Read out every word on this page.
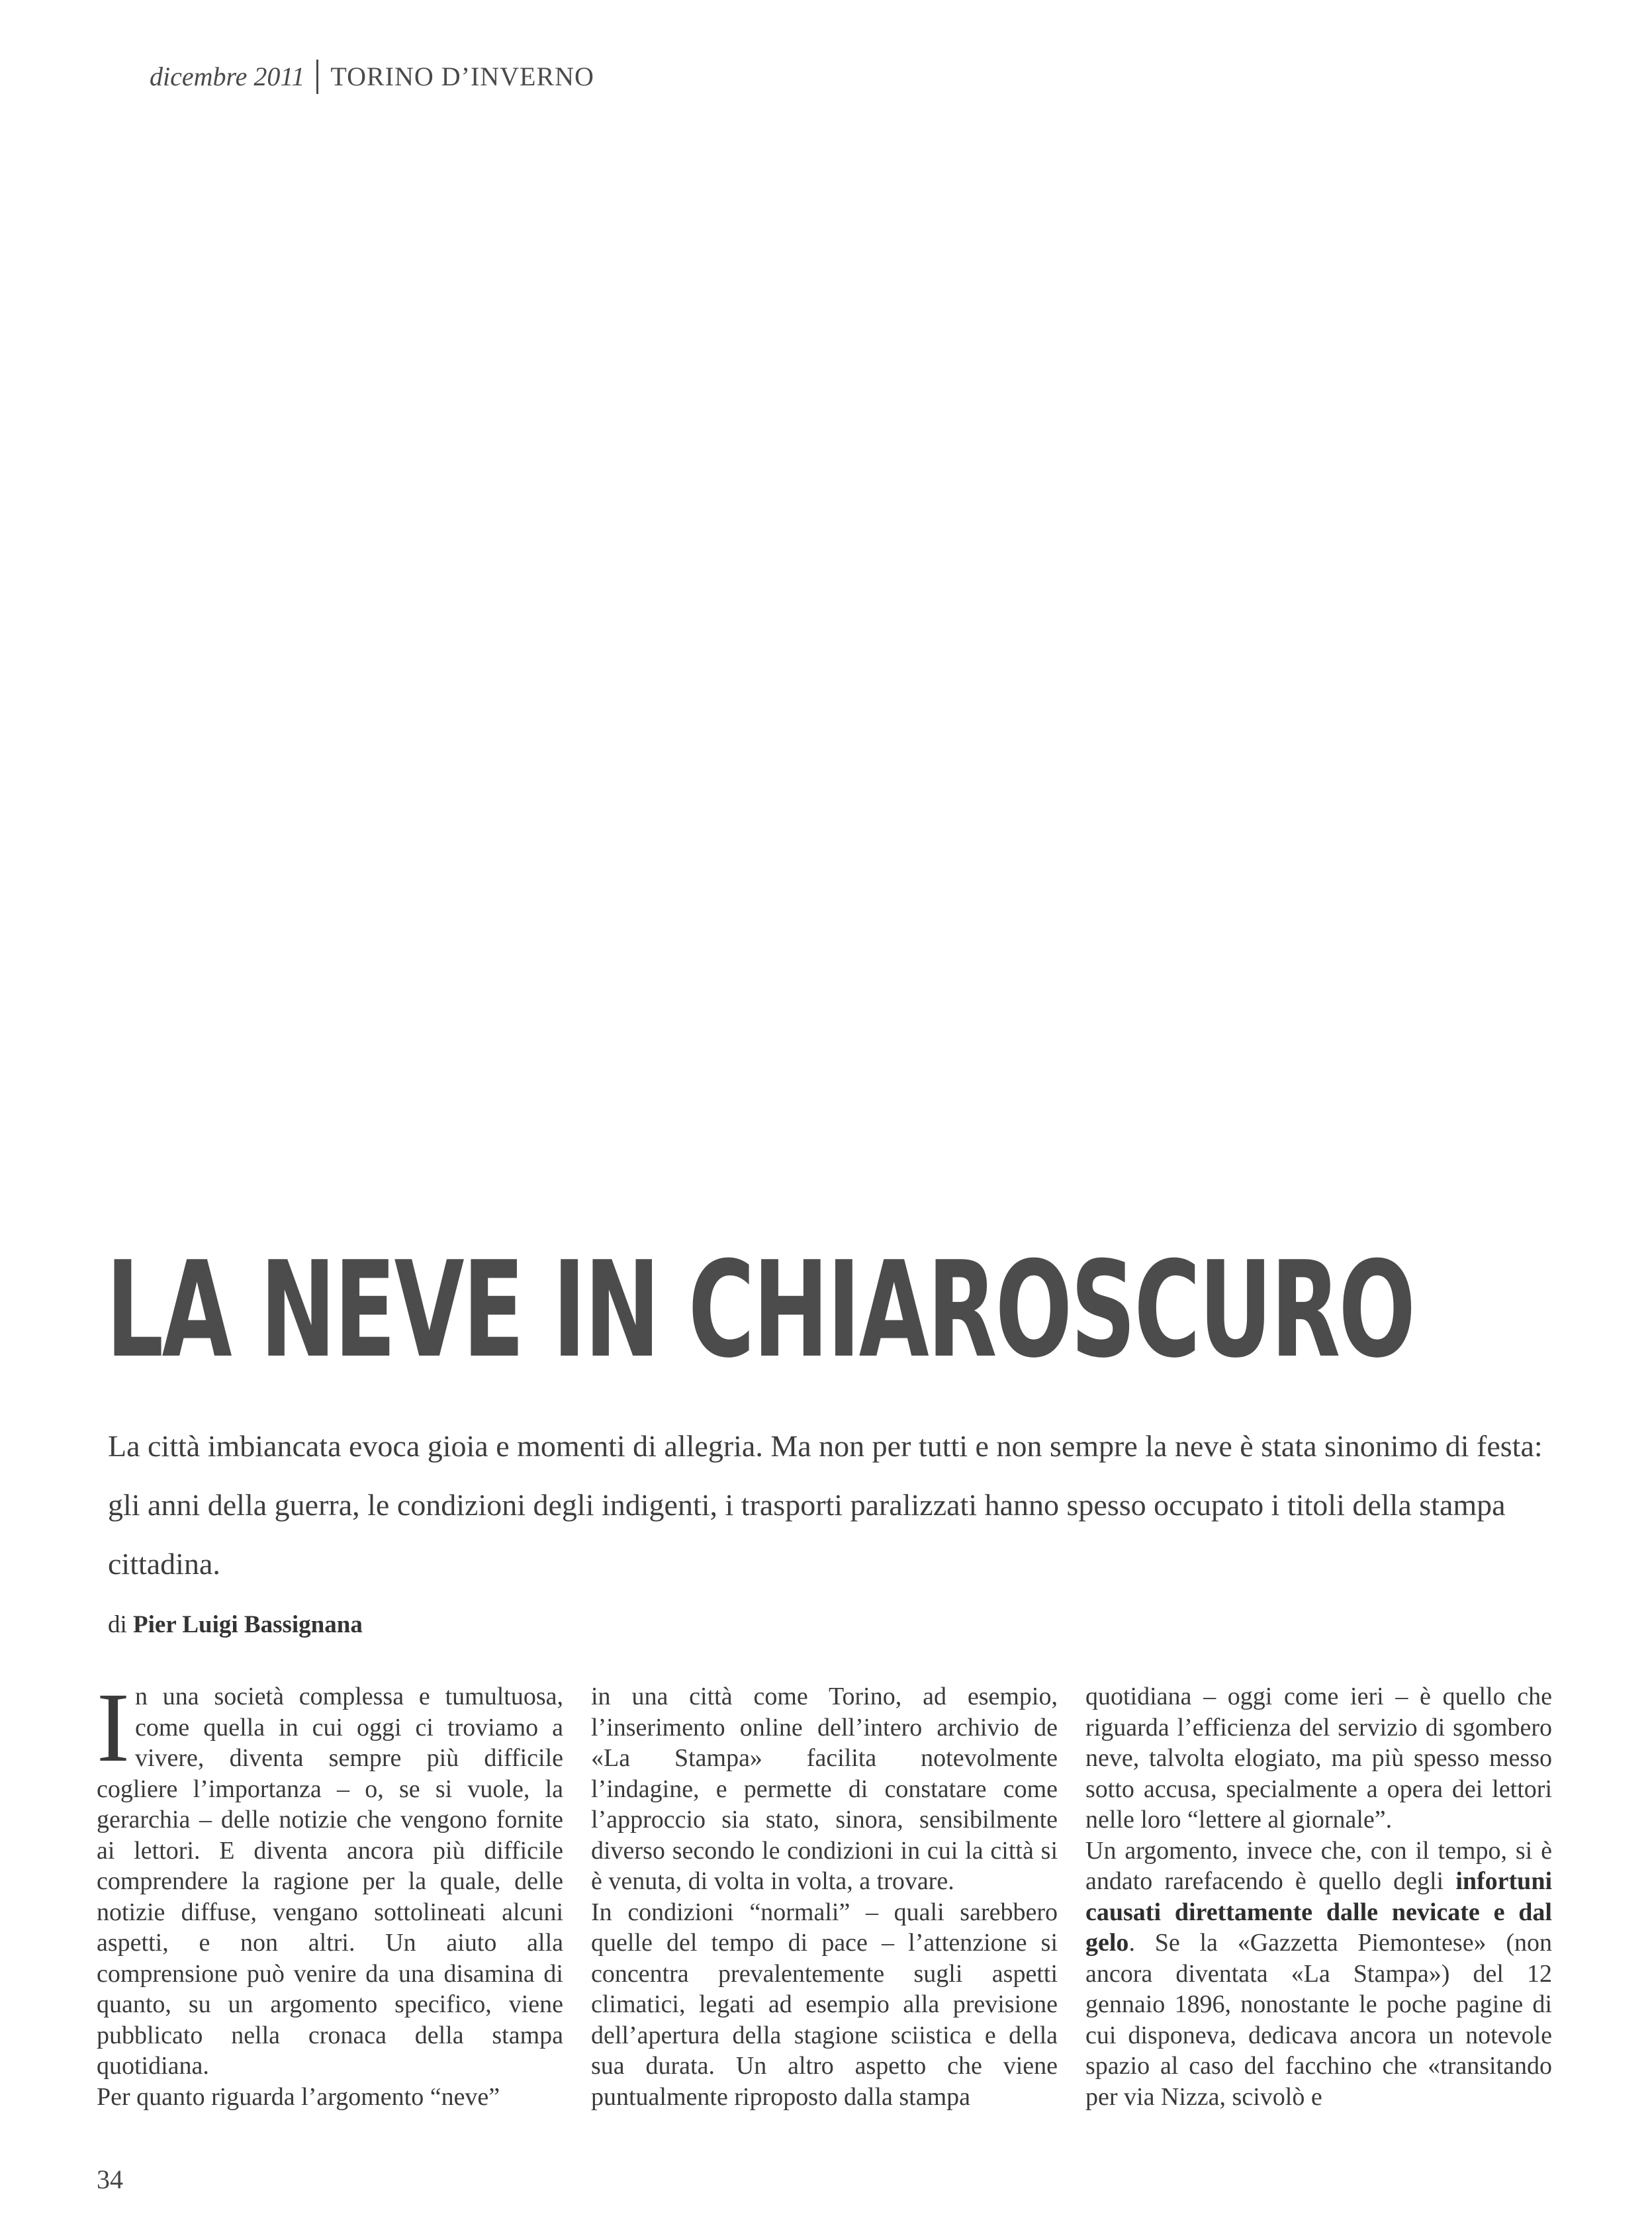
dicembre 2011 TORINO D’INVERNO
LA NEVE IN CHIAROSCURO

La città imbiancata evoca gioia e momenti di allegria. Ma non per tutti e non sempre la neve è stata sinonimo di festa: gli anni della guerra, le condizioni degli indigenti, i trasporti paralizzati hanno spesso occupato i titoli della stampa cittadina.

di Pier Luigi Bassignana

In una società complessa e tumultuosa, come quella in cui oggi ci troviamo a vivere, diventa sempre più difficile cogliere l’importanza – o, se si vuole, la gerarchia – delle notizie che vengono fornite ai lettori. E diventa ancora più difficile comprendere la ragione per la quale, delle notizie diffuse, vengano sottolineati alcuni aspetti, e non altri. Un aiuto alla comprensione può venire da una disamina di quanto, su un argomento specifico, viene pubblicato nella cronaca della stampa quotidiana.

Per quanto riguarda l’argomento “neve”

in una città come Torino, ad esempio, l’inserimento online dell’intero archivio de «La Stampa» facilita notevolmente l’indagine, e permette di constatare come l’approccio sia stato, sinora, sensibilmente diverso secondo le condizioni in cui la città si è venuta, di volta in volta, a trovare.

In condizioni “normali” – quali sarebbero quelle del tempo di pace – l’attenzione si concentra prevalentemente sugli aspetti climatici, legati ad esempio alla previsione dell’apertura della stagione sciistica e della sua durata. Un altro aspetto che viene puntualmente riproposto dalla stampa

quotidiana – oggi come ieri – è quello che riguarda l’efficienza del servizio di sgombero neve, talvolta elogiato, ma più spesso messo sotto accusa, specialmente a opera dei lettori nelle loro “lettere al giornale”.

Un argomento, invece che, con il tempo, si è andato rarefacendo è quello degli infortuni causati direttamente dalle nevicate e dal gelo. Se la «Gazzetta Piemontese» (non ancora diventata «La Stampa») del 12 gennaio 1896, nonostante le poche pagine di cui disponeva, dedicava ancora un notevole spazio al caso del facchino che «transitando per via Nizza, scivolò e

34
